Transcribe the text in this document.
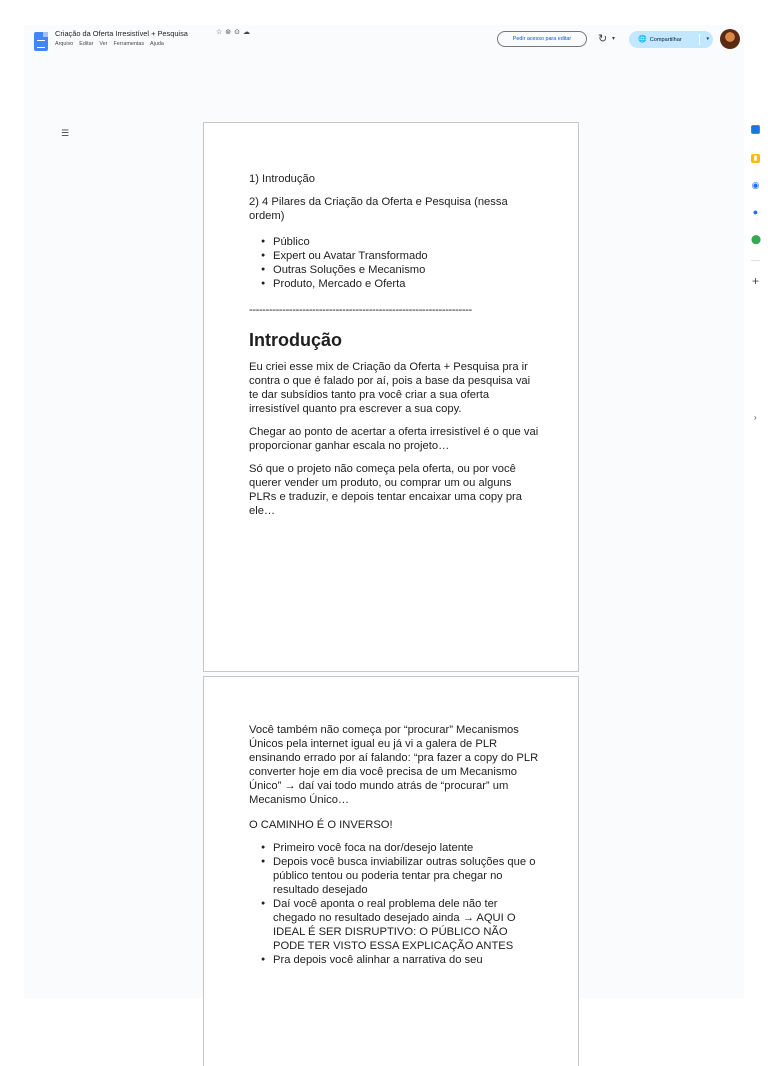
Criação da Oferta Irresistível + Pesquisa	☆⊚⊙☁
Arquivo Editar Ver Ferramentas Ajuda
Pedir acesso para editar	↻ ▾	🌐 Compartilhar	▾
☰
▮
◉
●
⬤
+
›

1) Introdução

2) 4 Pilares da Criação da Oferta e Pesquisa (nessa ordem)

● Público
● Expert ou Avatar Transformado
● Outras Soluções e Mecanismo
● Produto, Mercado e Oferta
-------------------------------------------------------------------
Introdução

Eu criei esse mix de Criação da Oferta + Pesquisa pra ir contra o que é falado por aí, pois a base da pesquisa vai te dar subsídios tanto pra você criar a sua oferta irresistível quanto pra escrever a sua copy.

Chegar ao ponto de acertar a oferta irresistível é o que vai proporcionar ganhar escala no projeto…

Só que o projeto não começa pela oferta, ou por você querer vender um produto, ou comprar um ou alguns PLRs e traduzir, e depois tentar encaixar uma copy pra ele…

Você também não começa por “procurar” Mecanismos Únicos pela internet igual eu já vi a galera de PLR ensinando errado por aí falando: “pra fazer a copy do PLR converter hoje em dia você precisa de um Mecanismo Único” → daí vai todo mundo atrás de “procurar” um Mecanismo Único…

O CAMINHO É O INVERSO!

● Primeiro você foca na dor/desejo latente
● Depois você busca inviabilizar outras soluções que o público tentou ou poderia tentar pra chegar no resultado desejado
● Daí você aponta o real problema dele não ter chegado no resultado desejado ainda → AQUI O IDEAL É SER DISRUPTIVO: O PÚBLICO NÃO PODE TER VISTO ESSA EXPLICAÇÃO ANTES
● Pra depois você alinhar a narrativa do seu
